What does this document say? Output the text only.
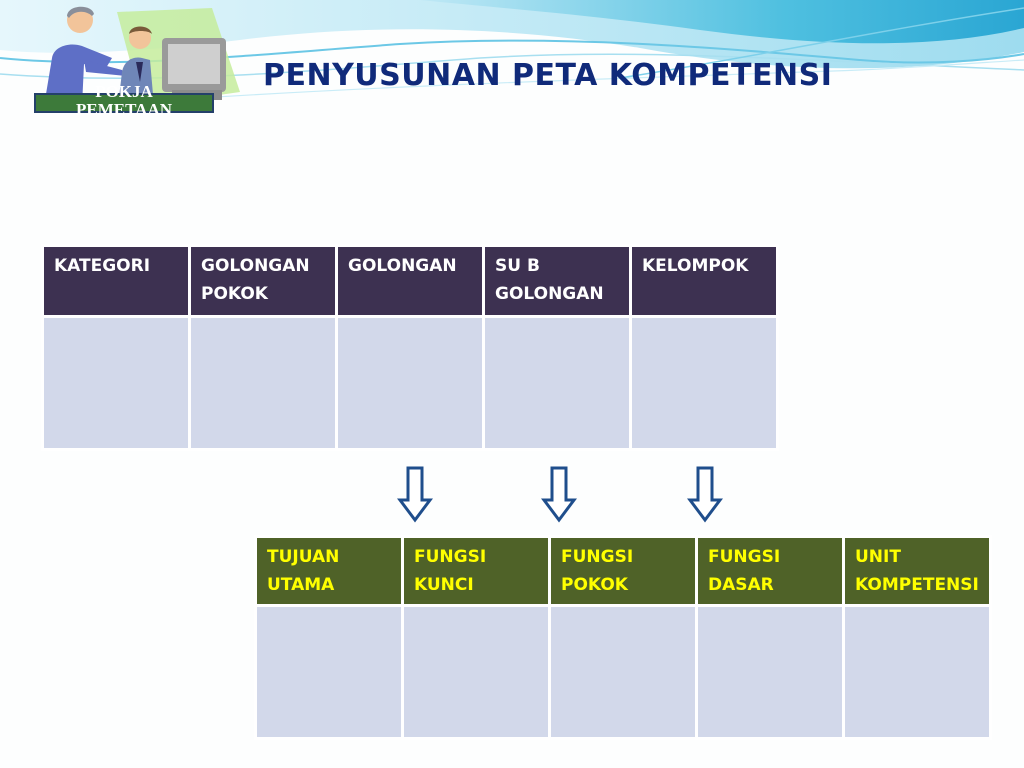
POKJA
PEMETAAN
PENYUSUNAN PETA KOMPETENSI
KATEGORI	GOLONGAN POKOK	GOLONGAN	SU B GOLONGAN	KELOMPOK

TUJUAN UTAMA	FUNGSI KUNCI	FUNGSI POKOK	FUNGSI DASAR	UNIT KOMPETENSI
